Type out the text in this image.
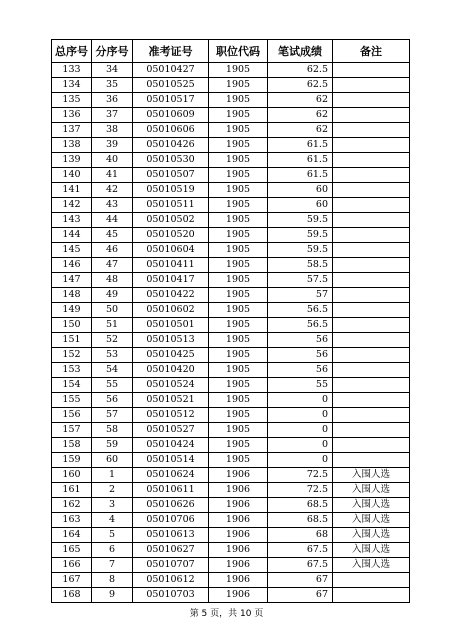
总序号	分序号	准考证号	职位代码	笔试成绩	备注
133	34	05010427	1905	62.5	
134	35	05010525	1905	62.5	
135	36	05010517	1905	62	
136	37	05010609	1905	62	
137	38	05010606	1905	62	
138	39	05010426	1905	61.5	
139	40	05010530	1905	61.5	
140	41	05010507	1905	61.5	
141	42	05010519	1905	60	
142	43	05010511	1905	60	
143	44	05010502	1905	59.5	
144	45	05010520	1905	59.5	
145	46	05010604	1905	59.5	
146	47	05010411	1905	58.5	
147	48	05010417	1905	57.5	
148	49	05010422	1905	57	
149	50	05010602	1905	56.5	
150	51	05010501	1905	56.5	
151	52	05010513	1905	56	
152	53	05010425	1905	56	
153	54	05010420	1905	56	
154	55	05010524	1905	55	
155	56	05010521	1905	0	
156	57	05010512	1905	0	
157	58	05010527	1905	0	
158	59	05010424	1905	0	
159	60	05010514	1905	0	
160	1	05010624	1906	72.5	入围人选
161	2	05010611	1906	72.5	入围人选
162	3	05010626	1906	68.5	入围人选
163	4	05010706	1906	68.5	入围人选
164	5	05010613	1906	68	入围人选
165	6	05010627	1906	67.5	入围人选
166	7	05010707	1906	67.5	入围人选
167	8	05010612	1906	67	
168	9	05010703	1906	67	
第 5 页，共 10 页
